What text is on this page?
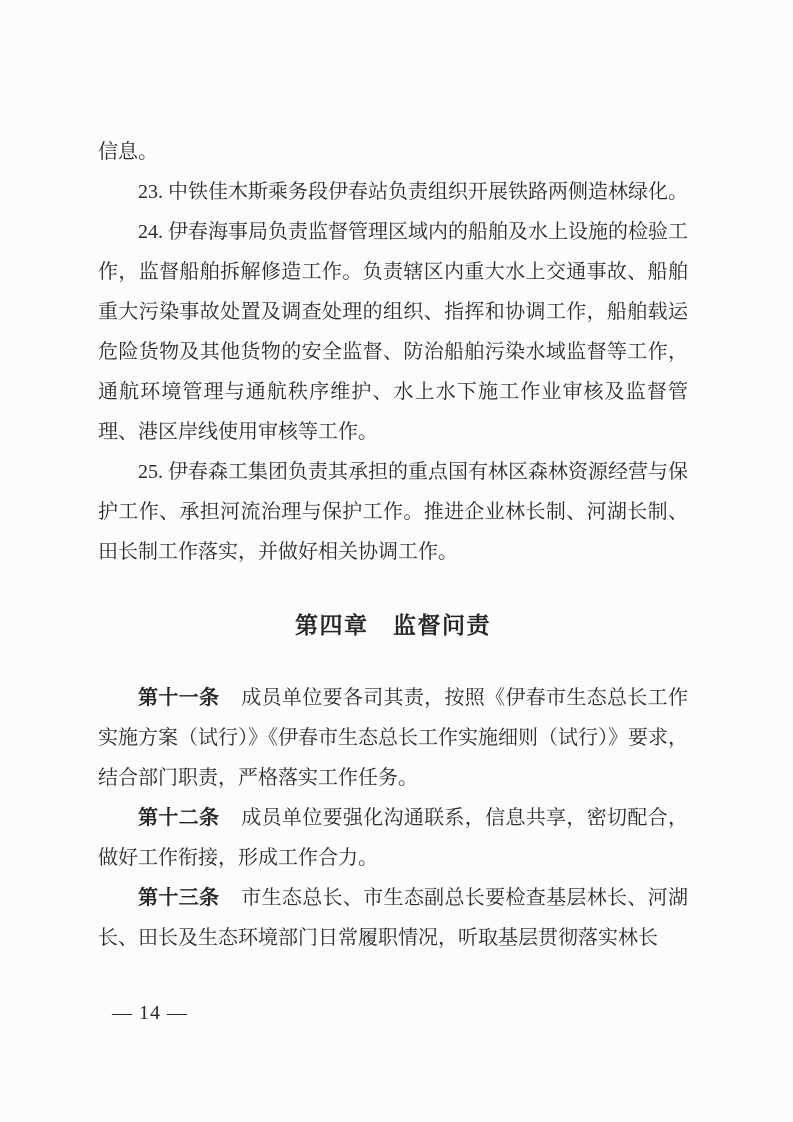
信息。

23. 中铁佳木斯乘务段伊春站负责组织开展铁路两侧造林绿化。

24. 伊春海事局负责监督管理区域内的船舶及水上设施的检验工作，监督船舶拆解修造工作。负责辖区内重大水上交通事故、船舶重大污染事故处置及调查处理的组织、指挥和协调工作，船舶载运危险货物及其他货物的安全监督、防治船舶污染水域监督等工作，通航环境管理与通航秩序维护、水上水下施工作业审核及监督管理、港区岸线使用审核等工作。

25. 伊春森工集团负责其承担的重点国有林区森林资源经营与保护工作、承担河流治理与保护工作。推进企业林长制、河湖长制、田长制工作落实，并做好相关协调工作。

第四章　监督问责

第十一条 成员单位要各司其责，按照《伊春市生态总长工作实施方案（试行）》《伊春市生态总长工作实施细则（试行）》要求，结合部门职责，严格落实工作任务。

第十二条 成员单位要强化沟通联系，信息共享，密切配合，做好工作衔接，形成工作合力。

第十三条 市生态总长、市生态副总长要检查基层林长、河湖长、田长及生态环境部门日常履职情况，听取基层贯彻落实林长

— 14 —
